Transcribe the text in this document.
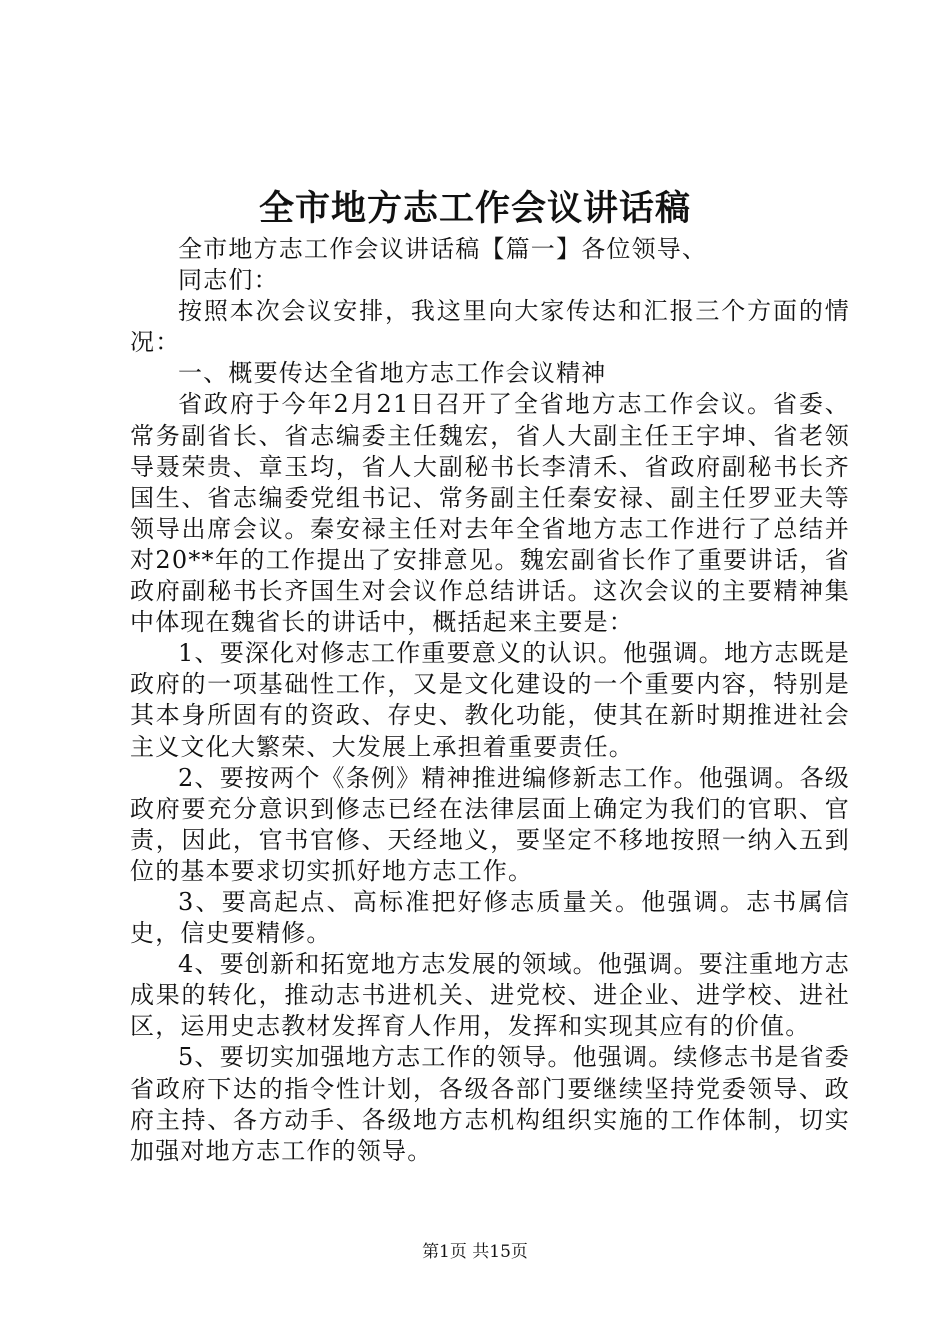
全市地方志工作会议讲话稿

全市地方志工作会议讲话稿【篇一】各位领导、

同志们：

按照本次会议安排，我这里向大家传达和汇报三个方面的情况：

一、概要传达全省地方志工作会议精神

省政府于今年2月21日召开了全省地方志工作会议。省委、常务副省长、省志编委主任魏宏，省人大副主任王宇坤、省老领导聂荣贵、章玉均，省人大副秘书长李清禾、省政府副秘书长齐国生、省志编委党组书记、常务副主任秦安禄、副主任罗亚夫等领导出席会议。秦安禄主任对去年全省地方志工作进行了总结并对20**年的工作提出了安排意见。魏宏副省长作了重要讲话，省政府副秘书长齐国生对会议作总结讲话。这次会议的主要精神集中体现在魏省长的讲话中，概括起来主要是：

1、要深化对修志工作重要意义的认识。他强调。地方志既是政府的一项基础性工作，又是文化建设的一个重要内容，特别是其本身所固有的资政、存史、教化功能，使其在新时期推进社会主义文化大繁荣、大发展上承担着重要责任。

2、要按两个《条例》精神推进编修新志工作。他强调。各级政府要充分意识到修志已经在法律层面上确定为我们的官职、官责，因此，官书官修、天经地义，要坚定不移地按照一纳入五到位的基本要求切实抓好地方志工作。

3、要高起点、高标准把好修志质量关。他强调。志书属信史，信史要精修。

4、要创新和拓宽地方志发展的领域。他强调。要注重地方志成果的转化，推动志书进机关、进党校、进企业、进学校、进社区，运用史志教材发挥育人作用，发挥和实现其应有的价值。

5、要切实加强地方志工作的领导。他强调。续修志书是省委省政府下达的指令性计划，各级各部门要继续坚持党委领导、政府主持、各方动手、各级地方志机构组织实施的工作体制，切实加强对地方志工作的领导。

第1页 共15页
